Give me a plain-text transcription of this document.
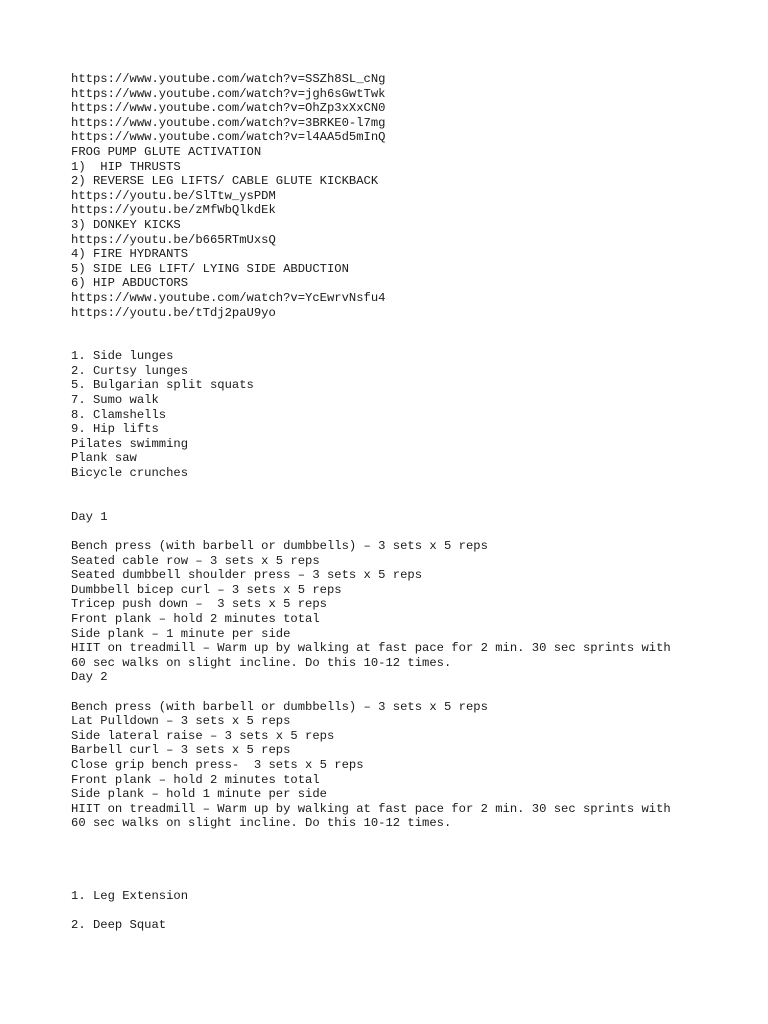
https://www.youtube.com/watch?v=SSZh8SL_cNg
https://www.youtube.com/watch?v=jgh6sGwtTwk
https://www.youtube.com/watch?v=OhZp3xXxCN0
https://www.youtube.com/watch?v=3BRKE0-l7mg
https://www.youtube.com/watch?v=l4AA5d5mInQ
FROG PUMP GLUTE ACTIVATION
1)  HIP THRUSTS
2) REVERSE LEG LIFTS/ CABLE GLUTE KICKBACK
https://youtu.be/SlTtw_ysPDM
https://youtu.be/zMfWbQlkdEk
3) DONKEY KICKS
https://youtu.be/b665RTmUxsQ
4) FIRE HYDRANTS
5) SIDE LEG LIFT/ LYING SIDE ABDUCTION
6) HIP ABDUCTORS
https://www.youtube.com/watch?v=YcEwrvNsfu4
https://youtu.be/tTdj2paU9yo
1. Side lunges
2. Curtsy lunges
5. Bulgarian split squats
7. Sumo walk
8. Clamshells
9. Hip lifts
Pilates swimming
Plank saw
Bicycle crunches
Day 1
Bench press (with barbell or dumbbells) – 3 sets x 5 reps
Seated cable row – 3 sets x 5 reps
Seated dumbbell shoulder press – 3 sets x 5 reps
Dumbbell bicep curl – 3 sets x 5 reps
Tricep push down –  3 sets x 5 reps
Front plank – hold 2 minutes total
Side plank – 1 minute per side
HIIT on treadmill – Warm up by walking at fast pace for 2 min. 30 sec sprints with
60 sec walks on slight incline. Do this 10-12 times.
Day 2
Bench press (with barbell or dumbbells) – 3 sets x 5 reps
Lat Pulldown – 3 sets x 5 reps
Side lateral raise – 3 sets x 5 reps
Barbell curl – 3 sets x 5 reps
Close grip bench press-  3 sets x 5 reps
Front plank – hold 2 minutes total
Side plank – hold 1 minute per side
HIIT on treadmill – Warm up by walking at fast pace for 2 min. 30 sec sprints with
60 sec walks on slight incline. Do this 10-12 times.
1. Leg Extension
2. Deep Squat
